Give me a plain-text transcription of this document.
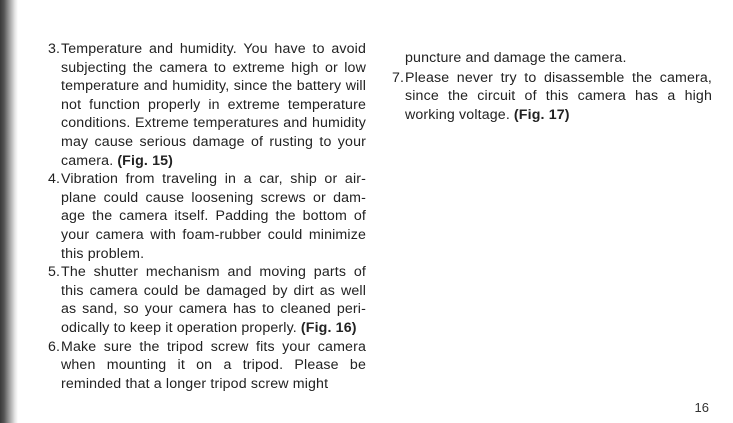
3. Temperature and humidity. You have to avoid subjecting the camera to extreme high or low temperature and humidity, since the battery will not function properly in extreme temperature conditions. Extreme temperatures and humidity may cause serious damage of rusting to your camera. (Fig. 15)
4. Vibration from traveling in a car, ship or air-plane could cause loosening screws or dam-age the camera itself. Padding the bottom of your camera with foam-rubber could minimize this problem.
5. The shutter mechanism and moving parts of this camera could be damaged by dirt as well as sand, so your camera has to cleaned peri-odically to keep it operation properly. (Fig. 16)
6. Make sure the tripod screw fits your camera when mounting it on a tripod. Please be reminded that a longer tripod screw might

puncture and damage the camera.

7. Please never try to disassemble the camera, since the circuit of this camera has a high working voltage. (Fig. 17)
16
